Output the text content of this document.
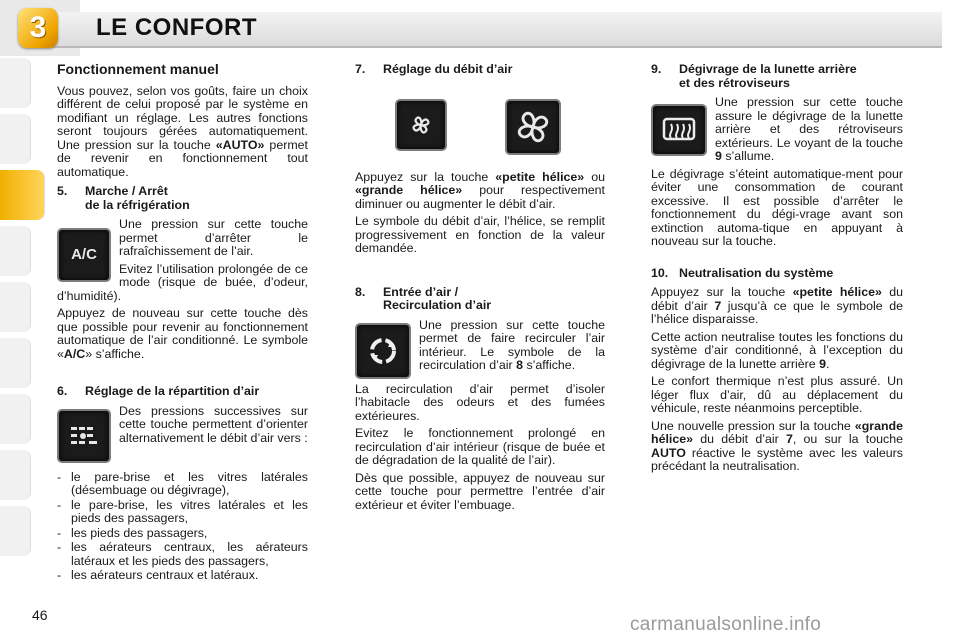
3 LE CONFORT
Fonctionnement manuel

Vous pouvez, selon vos goûts, faire un choix différent de celui proposé par le système en modifiant un réglage. Les autres fonctions seront toujours gérées automatiquement. Une pression sur la touche «AUTO» permet de revenir en fonctionnement tout automatique.

5.	Marche / Arrêt
de la réfrigération
A/C

Une pression sur cette touche permet d’arrêter le rafraîchissement de l’air.

Evitez l’utilisation prolongée de ce mode (risque de buée, d’odeur, d’humidité).

Appuyez de nouveau sur cette touche dès que possible pour revenir au fonctionnement automatique de l’air conditionné. Le symbole «A/C» s’affiche.

6.	Réglage de la répartition d’air

Des pressions successives sur cette touche permettent d’orienter alternativement le débit d’air vers :

- le pare-brise et les vitres latérales (désembuage ou dégivrage),
- le pare-brise, les vitres latérales et les pieds des passagers,
- les pieds des passagers,
- les aérateurs centraux, les aérateurs latéraux et les pieds des passagers,
- les aérateurs centraux et latéraux.
7.	Réglage du débit d’air

Appuyez sur la touche «petite hélice» ou «grande hélice» pour respectivement diminuer ou augmenter le débit d’air.

Le symbole du débit d’air, l’hélice, se remplit progressivement en fonction de la valeur demandée.

8.	Entrée d’air /
Recirculation d’air

Une pression sur cette touche permet de faire recirculer l’air intérieur. Le symbole de la recirculation d’air 8 s’affiche.

La recirculation d’air permet d’isoler l’habitacle des odeurs et des fumées extérieures.

Evitez le fonctionnement prolongé en recirculation d’air intérieur (risque de buée et de dégradation de la qualité de l’air).

Dès que possible, appuyez de nouveau sur cette touche pour permettre l’entrée d’air extérieur et éviter l’embuage.

9.	Dégivrage de la lunette arrière
et des rétroviseurs

Une pression sur cette touche assure le dégivrage de la lunette arrière et des rétroviseurs extérieurs. Le voyant de la touche 9 s’allume.

Le dégivrage s’éteint automatique-ment pour éviter une consommation de courant excessive. Il est possible d’arrêter le fonctionnement du dégi-vrage avant son extinction automa-tique en appuyant à nouveau sur la touche.

10. Neutralisation du système

Appuyez sur la touche «petite hélice» du débit d’air 7 jusqu’à ce que le symbole de l’hélice disparaisse.

Cette action neutralise toutes les fonctions du système d’air conditionné, à l’exception du dégivrage de la lunette arrière 9.

Le confort thermique n’est plus assuré. Un léger flux d’air, dû au déplacement du véhicule, reste néanmoins perceptible.

Une nouvelle pression sur la touche «grande hélice» du débit d’air 7, ou sur la touche AUTO réactive le système avec les valeurs précédant la neutralisation.

46	carmanualsonline.info
